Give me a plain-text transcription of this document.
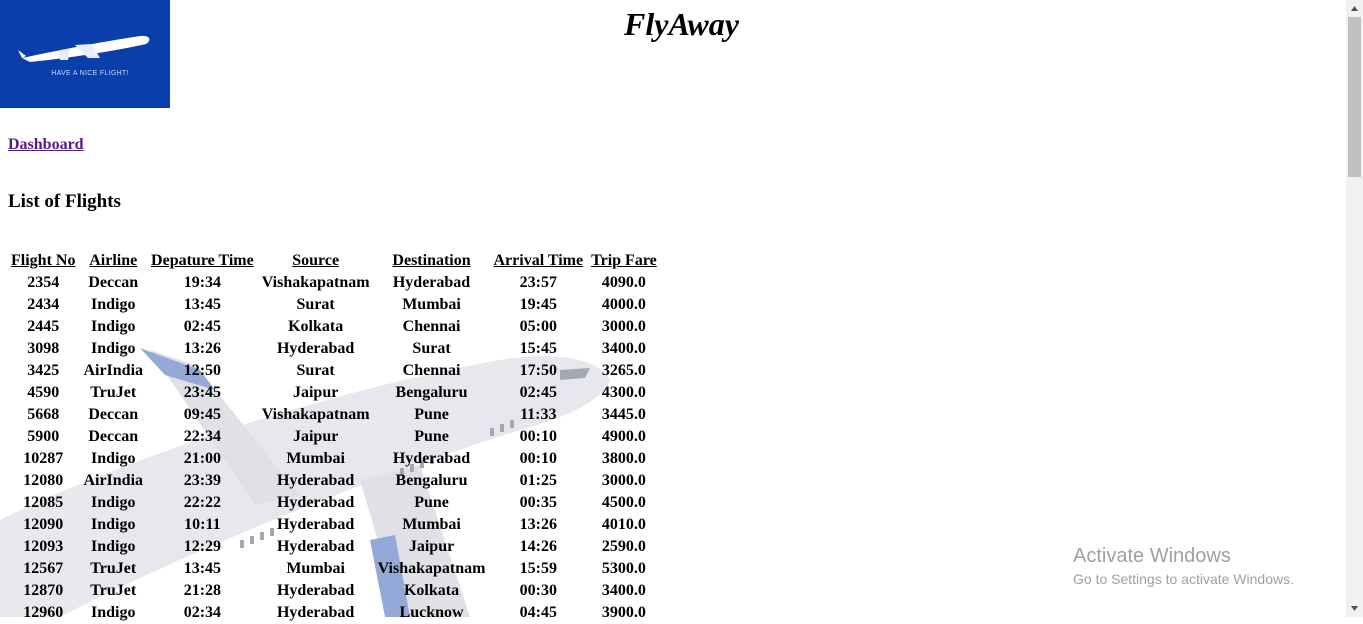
HAVE A NICE FLIGHT!
FlyAway
Dashboard
List of Flights
Flight No	Airline	Depature Time	Source	Destination	Arrival Time	Trip Fare
2354	Deccan	19:34	Vishakapatnam	Hyderabad	23:57	4090.0
2434	Indigo	13:45	Surat	Mumbai	19:45	4000.0
2445	Indigo	02:45	Kolkata	Chennai	05:00	3000.0
3098	Indigo	13:26	Hyderabad	Surat	15:45	3400.0
3425	AirIndia	12:50	Surat	Chennai	17:50	3265.0
4590	TruJet	23:45	Jaipur	Bengaluru	02:45	4300.0
5668	Deccan	09:45	Vishakapatnam	Pune	11:33	3445.0
5900	Deccan	22:34	Jaipur	Pune	00:10	4900.0
10287	Indigo	21:00	Mumbai	Hyderabad	00:10	3800.0
12080	AirIndia	23:39	Hyderabad	Bengaluru	01:25	3000.0
12085	Indigo	22:22	Hyderabad	Pune	00:35	4500.0
12090	Indigo	10:11	Hyderabad	Mumbai	13:26	4010.0
12093	Indigo	12:29	Hyderabad	Jaipur	14:26	2590.0
12567	TruJet	13:45	Mumbai	Vishakapatnam	15:59	5300.0
12870	TruJet	21:28	Hyderabad	Kolkata	00:30	3400.0
12960	Indigo	02:34	Hyderabad	Lucknow	04:45	3900.0
Activate Windows
Go to Settings to activate Windows.
